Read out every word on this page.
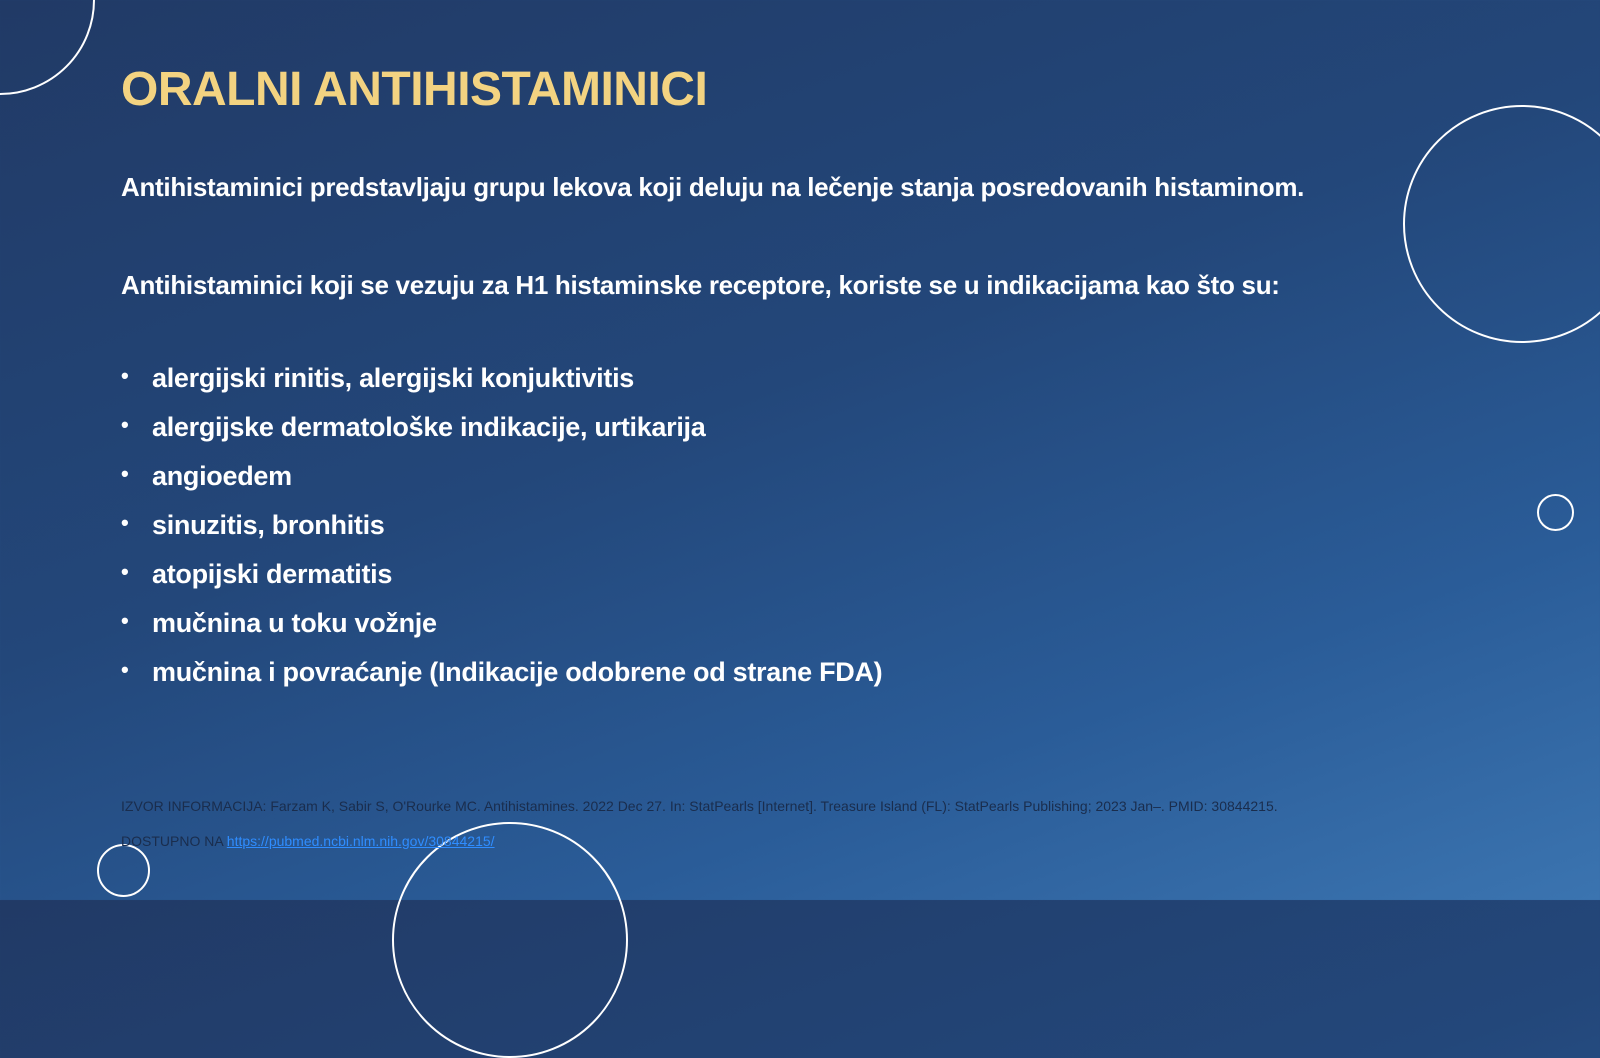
ORALNI ANTIHISTAMINICI
Antihistaminici predstavljaju grupu lekova koji deluju na lečenje stanja posredovanih histaminom.
Antihistaminici koji se vezuju za H1 histaminske receptore, koriste se u indikacijama kao što su:
• alergijski rinitis, alergijski konjuktivitis
• alergijske dermatološke indikacije, urtikarija
• angioedem
• sinuzitis, bronhitis
• atopijski dermatitis
• mučnina u toku vožnje
• mučnina i povraćanje (Indikacije odobrene od strane FDA)
IZVOR INFORMACIJA: Farzam K, Sabir S, O'Rourke MC. Antihistamines. 2022 Dec 27. In: StatPearls [Internet]. Treasure Island (FL): StatPearls Publishing; 2023 Jan–. PMID: 30844215.
DOSTUPNO NA https://pubmed.ncbi.nlm.nih.gov/30844215/
